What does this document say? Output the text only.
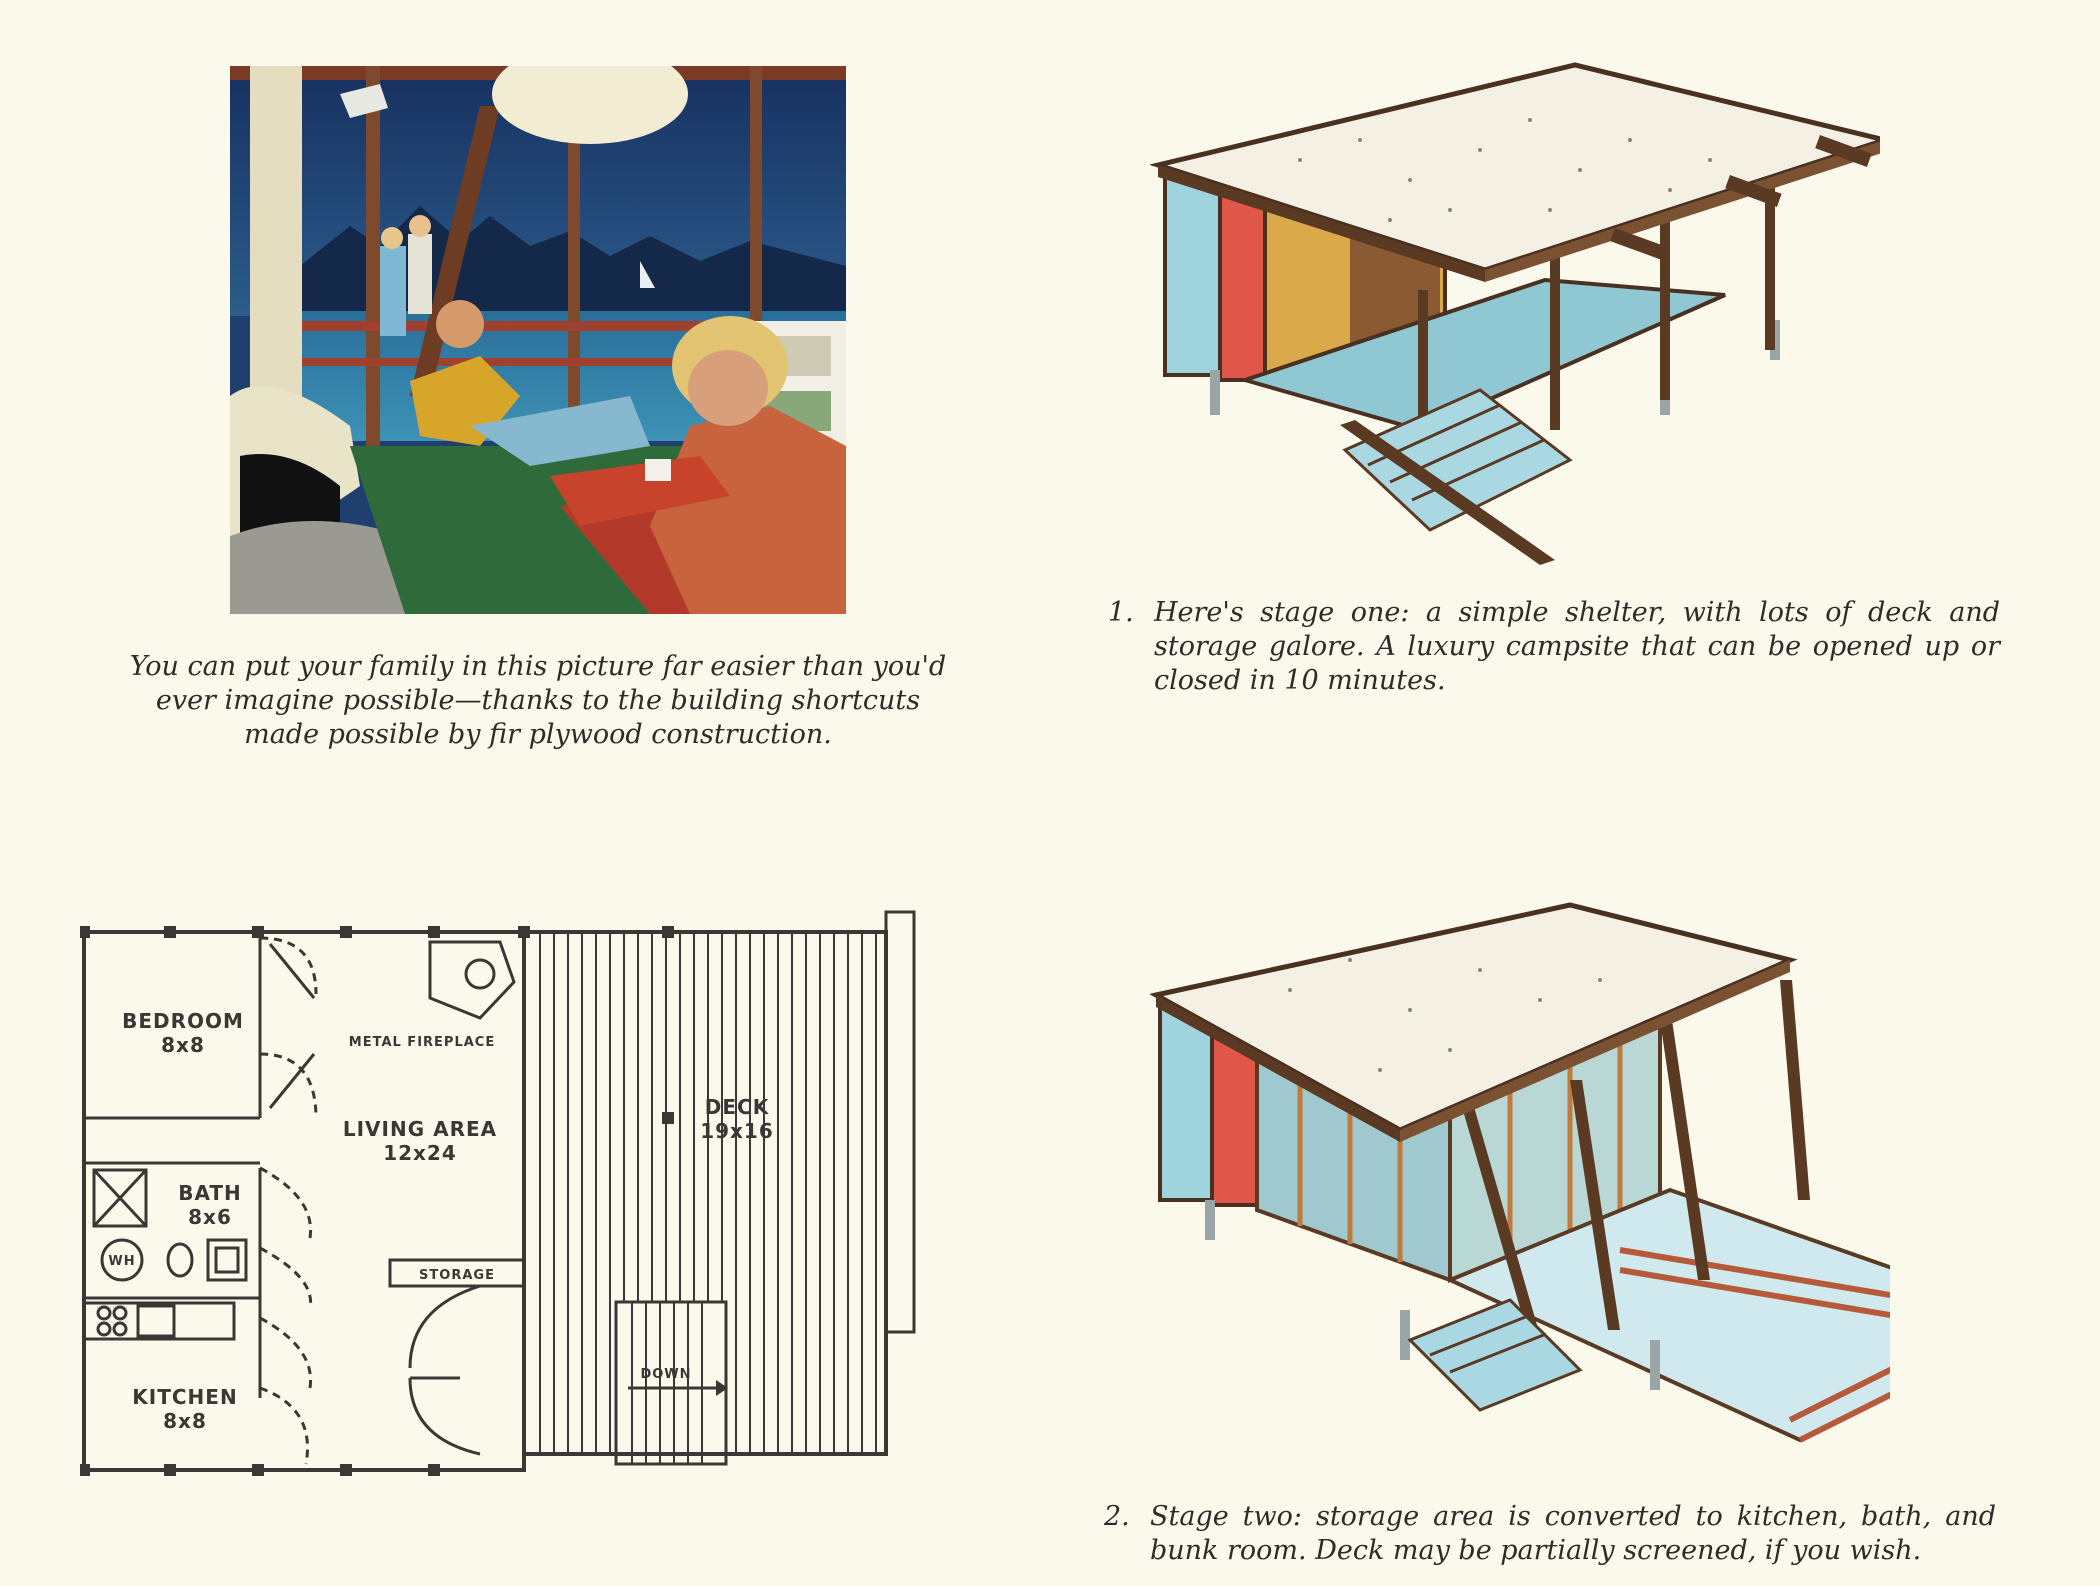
You can put your family in this picture far easier than you'd ever imagine possible—thanks to the building shortcuts made possible by fir plywood construction.
1. Here's stage one: a simple shelter, with lots of deck and storage galore. A luxury campsite that can be opened up or closed in 10 minutes.
BEDROOM
8x8
LIVING AREA
12x24
BATH
8x6
KITCHEN
8x8
DECK
19x16
METAL FIREPLACE
STORAGE
DOWN
WH
2. Stage two: storage area is converted to kitchen, bath, and bunk room. Deck may be partially screened, if you wish.
